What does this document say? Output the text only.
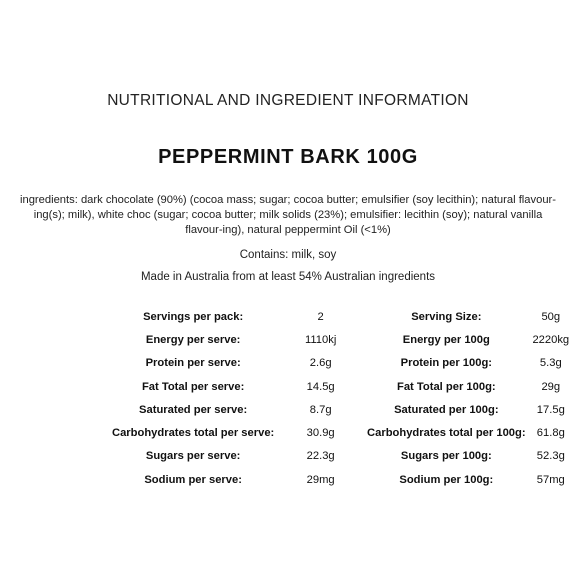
NUTRITIONAL AND INGREDIENT INFORMATION
PEPPERMINT BARK 100G
ingredients: dark chocolate (90%) (cocoa mass; sugar; cocoa butter; emulsifier (soy lecithin); natural flavour-ing(s); milk), white choc (sugar; cocoa butter; milk solids (23%); emulsifier: lecithin (soy); natural vanilla flavour-ing), natural peppermint Oil (<1%)
Contains: milk, soy
Made in Australia from at least 54% Australian ingredients
Servings per pack:	2	Serving Size:	50g
Energy per serve:	1110kj	Energy per 100g	2220kg
Protein per serve:	2.6g	Protein per 100g:	5.3g
Fat Total per serve:	14.5g	Fat Total per 100g:	29g
Saturated per serve:	8.7g	Saturated per 100g:	17.5g
Carbohydrates total per serve:	30.9g	Carbohydrates total per 100g:	61.8g
Sugars per serve:	22.3g	Sugars per 100g:	52.3g
Sodium per serve:	29mg	Sodium per 100g:	57mg
